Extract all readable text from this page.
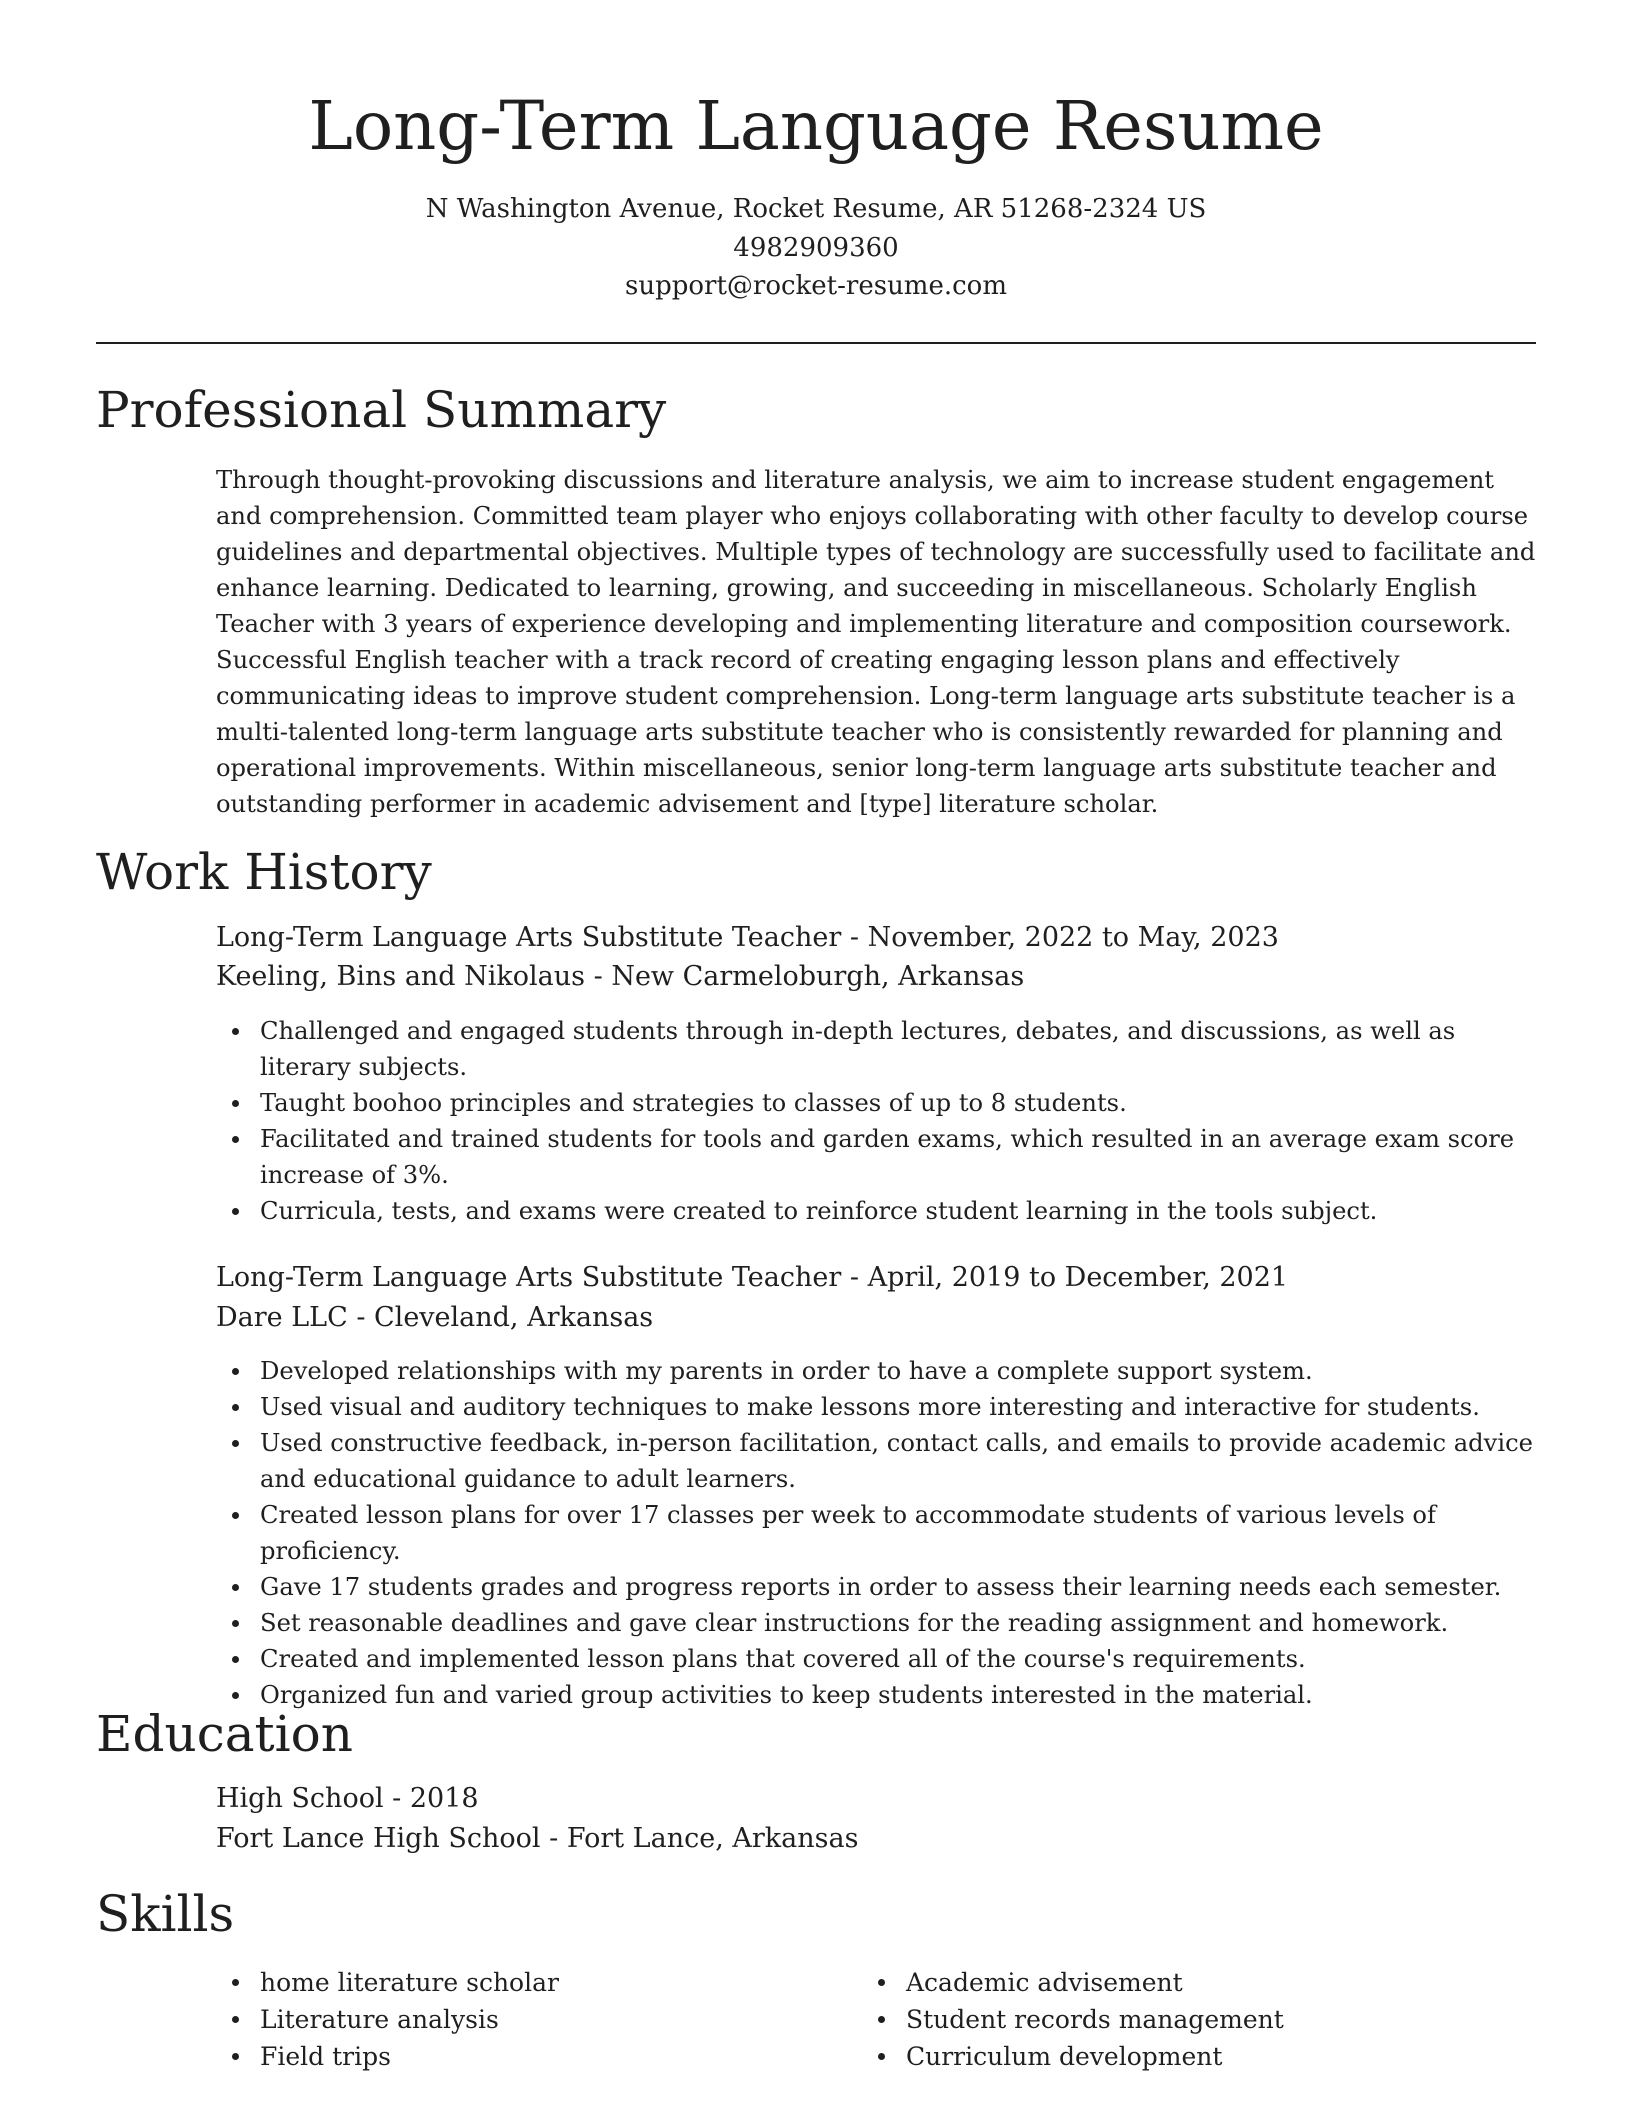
Long-Term Language Resume
N Washington Avenue, Rocket Resume, AR 51268-2324 US
4982909360
support@rocket-resume.com
Professional Summary

Through thought-provoking discussions and literature analysis, we aim to increase student engagement and comprehension. Committed team player who enjoys collaborating with other faculty to develop course guidelines and departmental objectives. Multiple types of technology are successfully used to facilitate and enhance learning. Dedicated to learning, growing, and succeeding in miscellaneous. Scholarly English Teacher with 3 years of experience developing and implementing literature and composition coursework. Successful English teacher with a track record of creating engaging lesson plans and effectively communicating ideas to improve student comprehension. Long-term language arts substitute teacher is a multi-talented long-term language arts substitute teacher who is consistently rewarded for planning and operational improvements. Within miscellaneous, senior long-term language arts substitute teacher and outstanding performer in academic advisement and [type] literature scholar.

Work History
Long-Term Language Arts Substitute Teacher - November, 2022 to May, 2023
Keeling, Bins and Nikolaus - New Carmeloburgh, Arkansas
Challenged and engaged students through in-depth lectures, debates, and discussions, as well as literary subjects.
Taught boohoo principles and strategies to classes of up to 8 students.
Facilitated and trained students for tools and garden exams, which resulted in an average exam score increase of 3%.
Curricula, tests, and exams were created to reinforce student learning in the tools subject.
Long-Term Language Arts Substitute Teacher - April, 2019 to December, 2021
Dare LLC - Cleveland, Arkansas
Developed relationships with my parents in order to have a complete support system.
Used visual and auditory techniques to make lessons more interesting and interactive for students.
Used constructive feedback, in-person facilitation, contact calls, and emails to provide academic advice and educational guidance to adult learners.
Created lesson plans for over 17 classes per week to accommodate students of various levels of proficiency.
Gave 17 students grades and progress reports in order to assess their learning needs each semester.
Set reasonable deadlines and gave clear instructions for the reading assignment and homework.
Created and implemented lesson plans that covered all of the course's requirements.
Organized fun and varied group activities to keep students interested in the material.
Education
High School - 2018
Fort Lance High School - Fort Lance, Arkansas
Skills
home literature scholar
Literature analysis
Field trips
Academic advisement
Student records management
Curriculum development
